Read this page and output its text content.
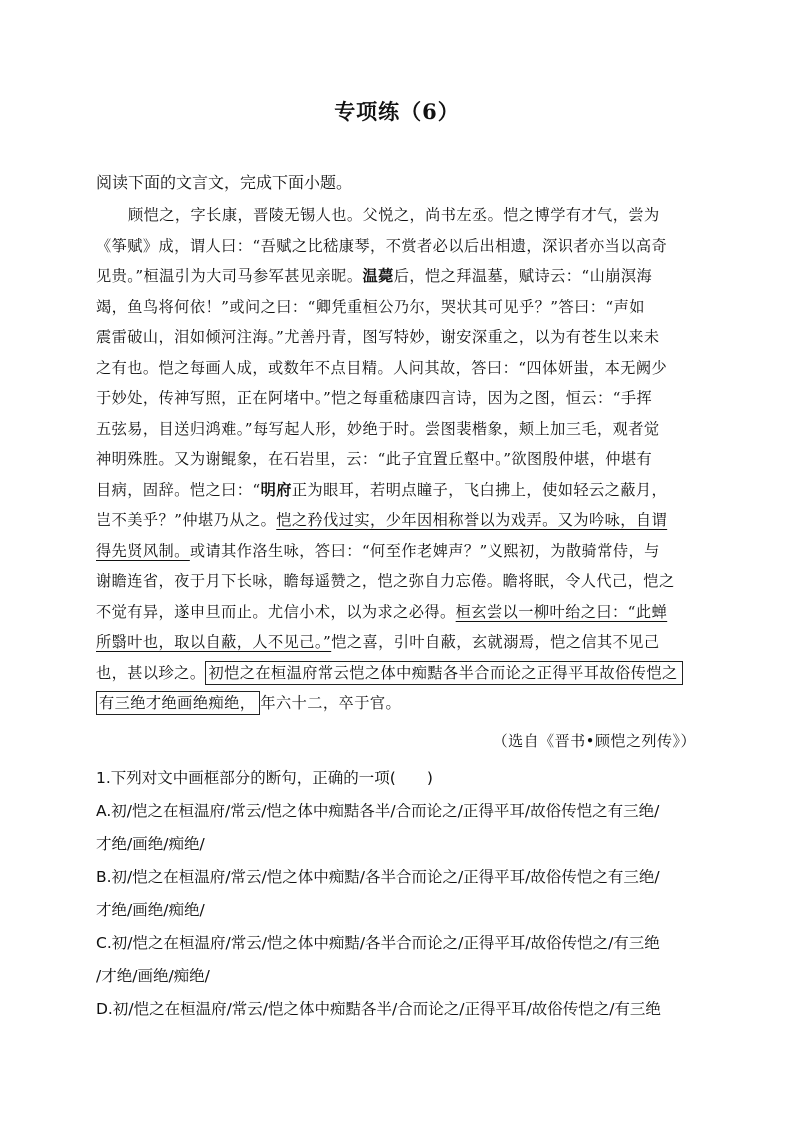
专项练（6）
阅读下面的文言文，完成下面小题。
顾恺之，字长康，晋陵无锡人也。父悦之，尚书左丞。恺之博学有才气，尝为
《筝赋》成，谓人曰：“吾赋之比嵇康琴，不赏者必以后出相遗，深识者亦当以高奇
见贵。”桓温引为大司马参军甚见亲昵。温薨后，恺之拜温墓，赋诗云：“山崩溟海
竭，鱼鸟将何依！”或问之曰：“卿凭重桓公乃尔，哭状其可见乎？”答曰：“声如
震雷破山，泪如倾河注海。”尤善丹青，图写特妙，谢安深重之，以为有苍生以来未
之有也。恺之每画人成，或数年不点目精。人问其故，答曰：“四体妍蚩，本无阙少
于妙处，传神写照，正在阿堵中。”恺之每重嵇康四言诗，因为之图，恒云：“手挥
五弦易，目送归鸿难。”每写起人形，妙绝于时。尝图裴楷象，颊上加三毛，观者觉
神明殊胜。又为谢鲲象，在石岩里，云：“此子宜置丘壑中。”欲图殷仲堪，仲堪有
目病，固辞。恺之曰：“明府正为眼耳，若明点瞳子，飞白拂上，使如轻云之蔽月，
岂不美乎？”仲堪乃从之。恺之矜伐过实，少年因相称誉以为戏弄。又为吟咏，自谓
得先贤风制。或请其作洛生咏，答曰：“何至作老婢声？”义熙初，为散骑常侍，与
谢瞻连省，夜于月下长咏，瞻每遥赞之，恺之弥自力忘倦。瞻将眠，令人代己，恺之
不觉有异，遂申旦而止。尤信小术，以为求之必得。桓玄尝以一柳叶绐之曰：“此蝉
所翳叶也，取以自蔽，人不见己。”恺之喜，引叶自蔽，玄就溺焉，恺之信其不见己
也，甚以珍之。 初恺之在桓温府常云恺之体中痴黠各半合而论之正得平耳故俗传恺之
有三绝才绝画绝痴绝， 年六十二，卒于官。
（选自《晋书•顾恺之列传》）
1.下列对文中画框部分的断句，正确的一项(　　)
A.初/恺之在桓温府/常云/恺之体中痴黠各半/合而论之/正得平耳/故俗传恺之有三绝/
才绝/画绝/痴绝/
B.初/恺之在桓温府/常云/恺之体中痴黠/各半合而论之/正得平耳/故俗传恺之有三绝/
才绝/画绝/痴绝/
C.初/恺之在桓温府/常云/恺之体中痴黠/各半合而论之/正得平耳/故俗传恺之/有三绝
/才绝/画绝/痴绝/
D.初/恺之在桓温府/常云/恺之体中痴黠各半/合而论之/正得平耳/故俗传恺之/有三绝
